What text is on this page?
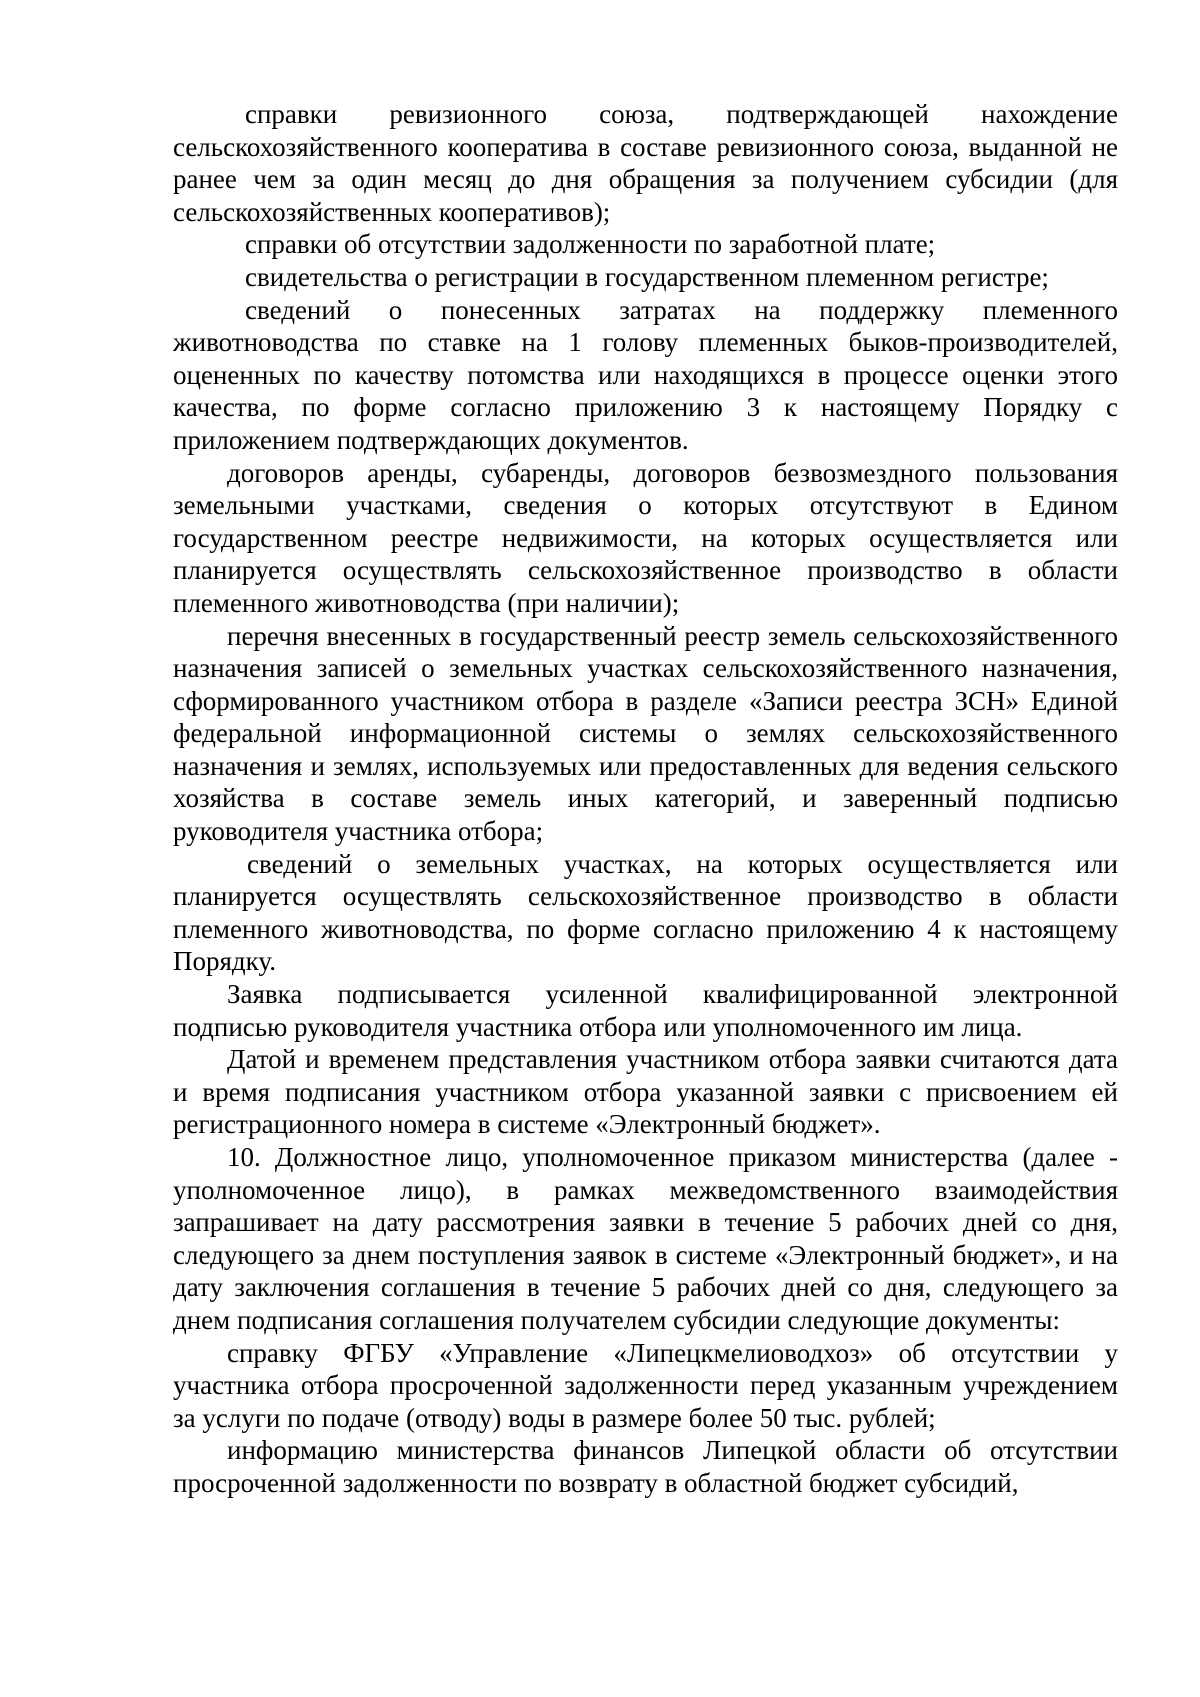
справки ревизионного союза, подтверждающей нахождение сельскохозяйственного кооператива в составе ревизионного союза, выданной не ранее чем за один месяц до дня обращения за получением субсидии (для сельскохозяйственных кооперативов);

справки об отсутствии задолженности по заработной плате;

свидетельства о регистрации в государственном племенном регистре;

сведений о понесенных затратах на поддержку племенного животноводства по ставке на 1 голову племенных быков-производителей, оцененных по качеству потомства или находящихся в процессе оценки этого качества, по форме согласно приложению 3 к настоящему Порядку с приложением подтверждающих документов.

договоров аренды, субаренды, договоров безвозмездного пользования земельными участками, сведения о которых отсутствуют в Едином государственном реестре недвижимости, на которых осуществляется или планируется осуществлять сельскохозяйственное производство в области племенного животноводства (при наличии);

перечня внесенных в государственный реестр земель сельскохозяйственного назначения записей о земельных участках сельскохозяйственного назначения, сформированного участником отбора в разделе «Записи реестра ЗСН» Единой федеральной информационной системы о землях сельскохозяйственного назначения и землях, используемых или предоставленных для ведения сельского хозяйства в составе земель иных категорий, и заверенный подписью руководителя участника отбора;

сведений о земельных участках, на которых осуществляется или планируется осуществлять сельскохозяйственное производство в области племенного животноводства, по форме согласно приложению 4 к настоящему Порядку.

Заявка подписывается усиленной квалифицированной электронной подписью руководителя участника отбора или уполномоченного им лица.

Датой и временем представления участником отбора заявки считаются дата и время подписания участником отбора указанной заявки с присвоением ей регистрационного номера в системе «Электронный бюджет».

10. Должностное лицо, уполномоченное приказом министерства (далее - уполномоченное лицо), в рамках межведомственного взаимодействия запрашивает на дату рассмотрения заявки в течение 5 рабочих дней со дня, следующего за днем поступления заявок в системе «Электронный бюджет», и на дату заключения соглашения в течение 5 рабочих дней со дня, следующего за днем подписания соглашения получателем субсидии следующие документы:

справку ФГБУ «Управление «Липецкмелиоводхоз» об отсутствии у участника отбора просроченной задолженности перед указанным учреждением за услуги по подаче (отводу) воды в размере более 50 тыс. рублей;

информацию министерства финансов Липецкой области об отсутствии просроченной задолженности по возврату в областной бюджет субсидий,
